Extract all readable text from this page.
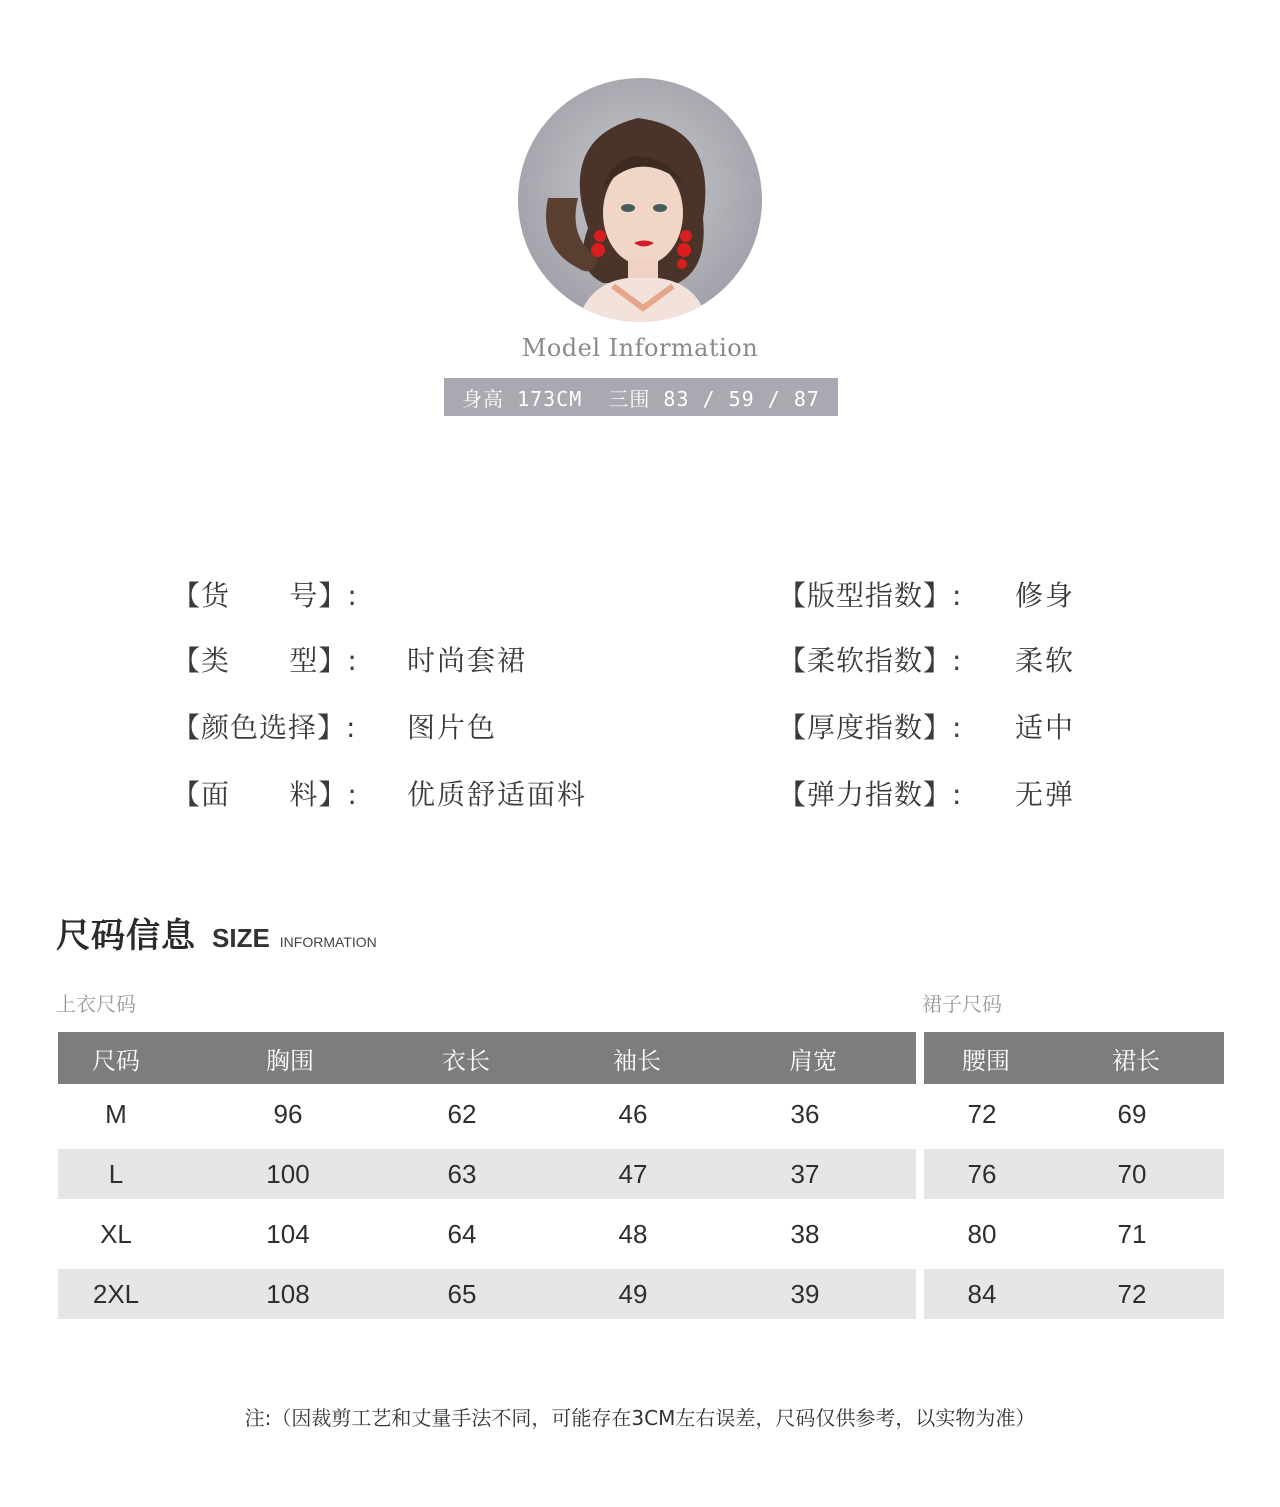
Model Information
身高 173CM  三围 83 / 59 / 87
【货      号】:
【类      型】:	时尚套裙
【颜色选择】:	图片色
【面      料】:	优质舒适面料
【版型指数】:	修身
【柔软指数】:	柔软
【厚度指数】:	适中
【弹力指数】:	无弹
尺码信息 SIZE INFORMATION
上衣尺码	裙子尺码
尺码	胸围	衣长	袖长	肩宽
M	96	62	46	36
L	100	63	47	37
XL	104	64	48	38
2XL	108	65	49	39
腰围	裙长
72	69
76	70
80	71
84	72
注:（因裁剪工艺和丈量手法不同，可能存在3CM左右误差，尺码仅供参考，以实物为准）
